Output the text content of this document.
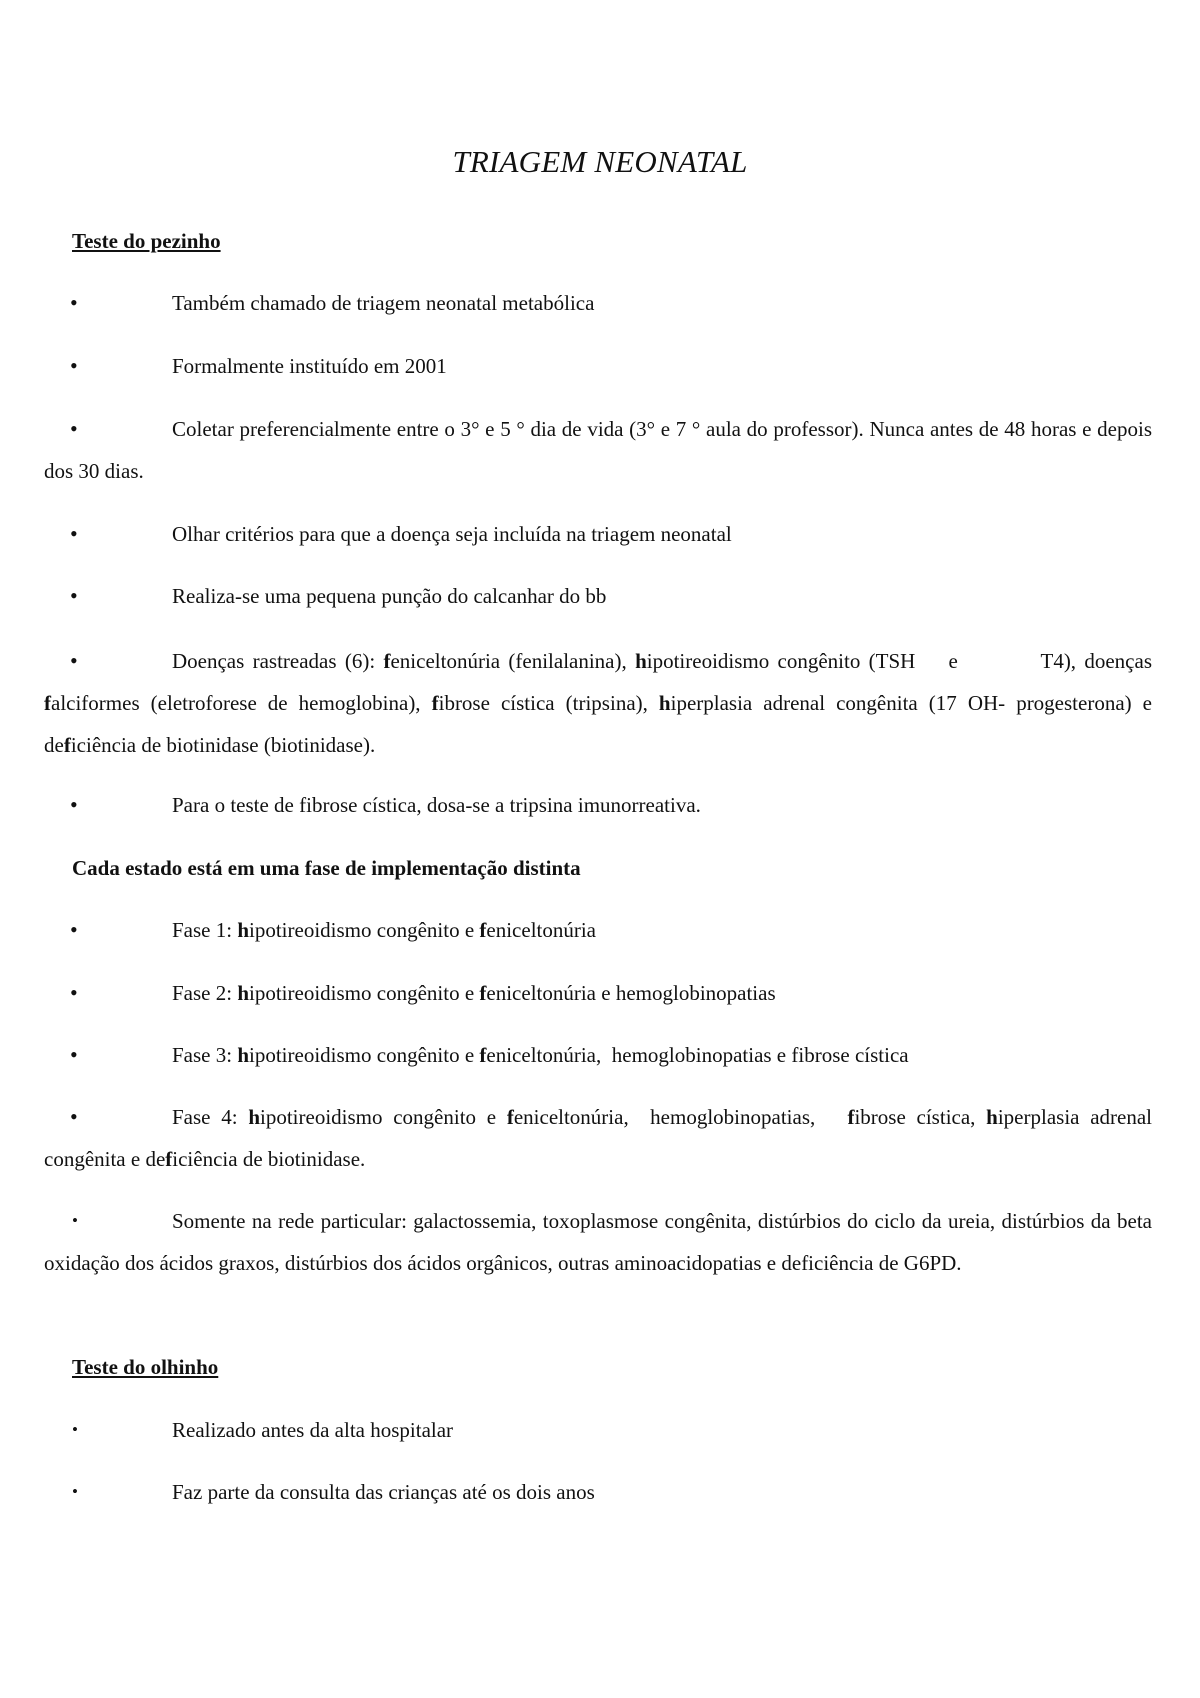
TRIAGEM NEONATAL
Teste do pezinho
•	Também chamado de triagem neonatal metabólica
•	Formalmente instituído em 2001
•	Coletar preferencialmente entre o 3° e 5 ° dia de vida (3° e 7 ° aula do professor). Nunca antes de 48 horas e depois dos 30 dias.
•	Olhar critérios para que a doença seja incluída na triagem neonatal
•	Realiza-se uma pequena punção do calcanhar do bb
•	Doenças rastreadas (6): feniceltonúria (fenilalanina), hipotireoidismo congênito (TSH    e          T4), doenças falciformes (eletroforese de hemoglobina), fibrose cística (tripsina), hiperplasia adrenal congênita (17 OH- progesterona) e deficiência de biotinidase (biotinidase).
•	Para o teste de fibrose cística, dosa-se a tripsina imunorreativa.
Cada estado está em uma fase de implementação distinta
•	Fase 1: hipotireoidismo congênito e feniceltonúria
•	Fase 2: hipotireoidismo congênito e feniceltonúria e hemoglobinopatias
•	Fase 3: hipotireoidismo congênito e feniceltonúria,  hemoglobinopatias e fibrose cística
•	Fase 4: hipotireoidismo congênito e feniceltonúria,  hemoglobinopatias,   fibrose cística, hiperplasia adrenal congênita e deficiência de biotinidase.
•	Somente na rede particular: galactossemia, toxoplasmose congênita, distúrbios do ciclo da ureia, distúrbios da beta oxidação dos ácidos graxos, distúrbios dos ácidos orgânicos, outras aminoacidopatias e deficiência de G6PD.
Teste do olhinho
•	Realizado antes da alta hospitalar
•	Faz parte da consulta das crianças até os dois anos
